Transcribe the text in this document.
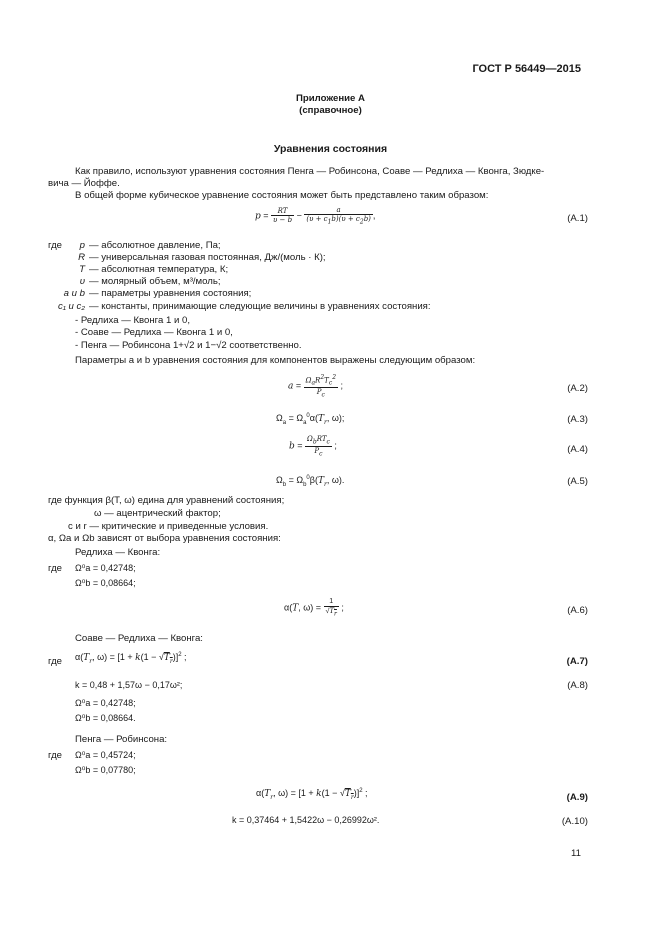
ГОСТ Р 56449—2015
Приложение А
(справочное)
Уравнения состояния
Как правило, используют уравнения состояния Пенга — Робинсона, Соаве — Редлиха — Квонга, Зюдке-
вича — Йоффе.
В общей форме кубическое уравнение состояния может быть представлено таким образом:
$p = \frac{RT}{\upsilon - b} - \frac{a}{(\upsilon + c_1b)(\upsilon + c_2b)}$ ,	(A.1)
где	p — абсолютное давление, Па;
R — универсальная газовая постоянная, Дж/(моль · К);
T — абсолютная температура, К;
υ — молярный объем, м³/моль;
a и b — параметры уравнения состояния;
c₁ и c₂ — константы, принимающие следующие величины в уравнениях состояния:
- Редлиха — Квонга 1 и 0,
- Соаве — Редлиха — Квонга 1 и 0,
- Пенга — Робинсона 1+√2 и 1−√2 соответственно.
Параметры a и b уравнения состояния для компонентов выражены следующим образом:
$a = \frac{\Omega_aR^2T_c^2}{P_c}$ ;	(A.2)
$\Omega_a = \Omega_a^0\alpha(T_r$, ω);	(A.3)
$b = \frac{\Omega_bRT_c}{P_c}$ ;	(A.4)
$\Omega_b = \Omega_b^0\beta(T_r$, ω).	(A.5)
где функция β(T, ω) едина для уравнений состояния;
ω — ацентрический фактор;
c и r — критические и приведенные условия.
α, Ωa и Ωb зависят от выбора уравнения состояния:
Редлиха — Квонга:
где Ω⁰a = 0,42748;
Ω⁰b = 0,08664;
α(T, $\omega) = \frac{1}{√T_r}$ ;	(A.6)
Соаве — Редлиха — Квонга:
где $\alpha(T_r$, $\omega) = [1 + k(1 - √T_r)]^2$ ;	(A.7)
k = 0,48 + 1,57ω − 0,17ω²;	(A.8)
Ω⁰a = 0,42748;
Ω⁰b = 0,08664.
Пенга — Робинсона:
где Ω⁰a = 0,45724;
Ω⁰b = 0,07780;
$\alpha(T_r$, $\omega) = [1 + k(1 - √T_r)]^2$ ;	(A.9)
k = 0,37464 + 1,5422ω − 0,26992ω².	(A.10)
11
